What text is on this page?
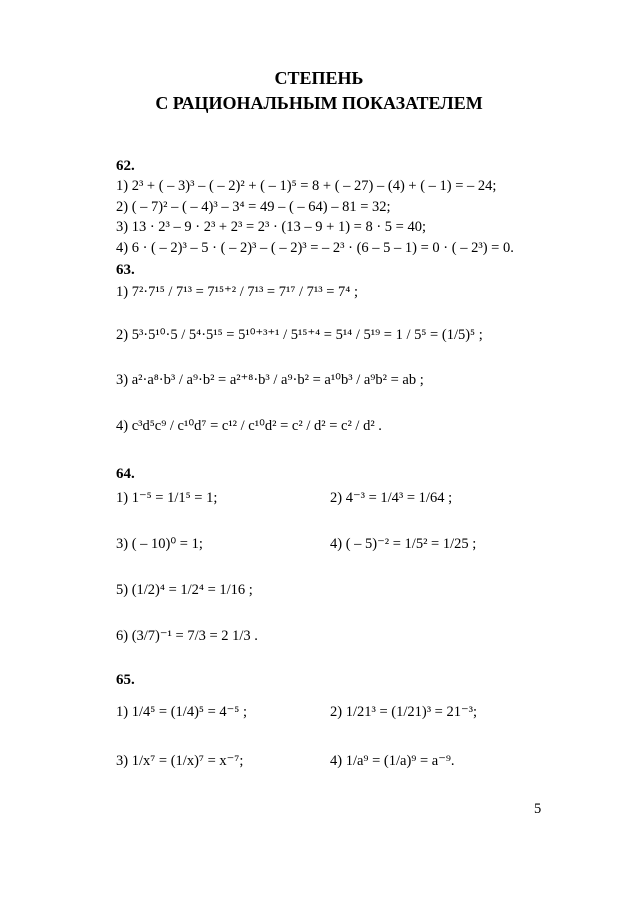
СТЕПЕНЬ
С РАЦИОНАЛЬНЫМ ПОКАЗАТЕЛЕМ
62.
1) 2³ + ( – 3)³ – ( – 2)² + ( – 1)⁵ = 8 + ( – 27) – (4) + ( – 1) = – 24;
2) ( – 7)² – ( – 4)³ – 3⁴ = 49 – ( – 64) – 81 = 32;
3) 13 · 2³ – 9 · 2³ + 2³ = 2³ · (13 – 9 + 1) = 8 · 5 = 40;
4) 6 · ( – 2)³ – 5 · ( – 2)³ – ( – 2)³ = – 2³ · (6 – 5 – 1) = 0 · ( – 2³) = 0.
63.
1) 7²·7¹⁵ / 7¹³ = 7¹⁵⁺² / 7¹³ = 7¹⁷ / 7¹³ = 7⁴ ;
2) 5³·5¹⁰·5 / 5⁴·5¹⁵ = 5¹⁰⁺³⁺¹ / 5¹⁵⁺⁴ = 5¹⁴ / 5¹⁹ = 1 / 5⁵ = (1/5)⁵ ;
3) a²·a⁸·b³ / a⁹·b² = a²⁺⁸·b³ / a⁹·b² = a¹⁰b³ / a⁹b² = ab ;
4) c³d⁵c⁹ / c¹⁰d⁷ = c¹² / c¹⁰d² = c² / d² = c² / d² .
64.
1) 1⁻⁵ = 1/1⁵ = 1;	2) 4⁻³ = 1/4³ = 1/64 ;
3) ( – 10)⁰ = 1;	4) ( – 5)⁻² = 1/5² = 1/25 ;
5) (1/2)⁴ = 1/2⁴ = 1/16 ;
6) (3/7)⁻¹ = 7/3 = 2 1/3 .
65.
1) 1/4⁵ = (1/4)⁵ = 4⁻⁵ ;	2) 1/21³ = (1/21)³ = 21⁻³;
3) 1/x⁷ = (1/x)⁷ = x⁻⁷;	4) 1/a⁹ = (1/a)⁹ = a⁻⁹.
5
